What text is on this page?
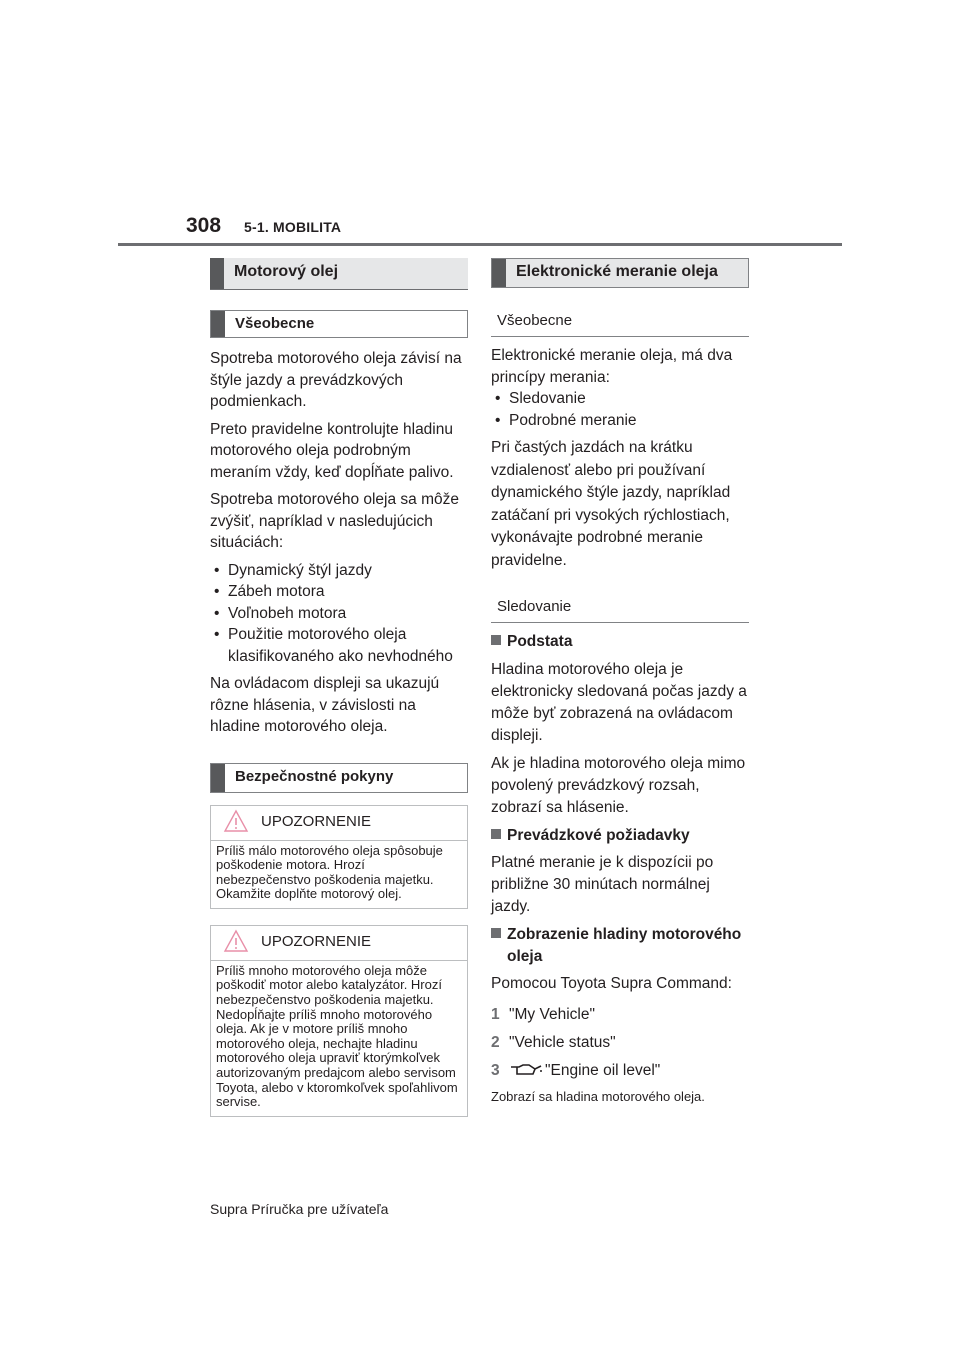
308 5-1. MOBILITA
Motorový olej
Všeobecne

Spotreba motorového oleja závisí na štýle jazdy a prevádzkových podmienkach.

Preto pravidelne kontrolujte hladinu motorového oleja podrobným meraním vždy, keď dopĺňate palivo.

Spotreba motorového oleja sa môže zvýšiť, napríklad v nasledujúcich situáciách:

• Dynamický štýl jazdy
• Zábeh motora
• Voľnobeh motora
• Použitie motorového oleja klasifikovaného ako nevhodného

Na ovládacom displeji sa ukazujú rôzne hlásenia, v závislosti na hladine motorového oleja.

Bezpečnostné pokyny
UPOZORNENIE
Príliš málo motorového oleja spôsobuje poškodenie motora. Hrozí nebezpečenstvo poškodenia majetku. Okamžite doplňte motorový olej.
UPOZORNENIE
Príliš mnoho motorového oleja môže poškodiť motor alebo katalyzátor. Hrozí nebezpečenstvo poškodenia majetku. Nedopĺňajte príliš mnoho motorového oleja. Ak je v motore príliš mnoho motorového oleja, nechajte hladinu motorového oleja upraviť ktorýmkoľvek autorizovaným predajcom alebo servisom Toyota, alebo v ktoromkoľvek spoľahlivom servise.
Elektronické meranie oleja
Všeobecne

Elektronické meranie oleja, má dva princípy merania:

• Sledovanie
• Podrobné meranie

Pri častých jazdách na krátku vzdialenosť alebo pri používaní dynamického štýle jazdy, napríklad zatáčaní pri vysokých rýchlostiach, vykonávajte podrobné meranie pravidelne.

Sledovanie
Podstata

Hladina motorového oleja je elektronicky sledovaná počas jazdy a môže byť zobrazená na ovládacom displeji.

Ak je hladina motorového oleja mimo povolený prevádzkový rozsah, zobrazí sa hlásenie.

Prevádzkové požiadavky

Platné meranie je k dispozícii po približne 30 minútach normálnej jazdy.

Zobrazenie hladiny motorového oleja

Pomocou Toyota Supra Command:

1 "My Vehicle"
2 "Vehicle status"
3	"Engine oil level"

Zobrazí sa hladina motorového oleja.

Supra Príručka pre užívateľa
